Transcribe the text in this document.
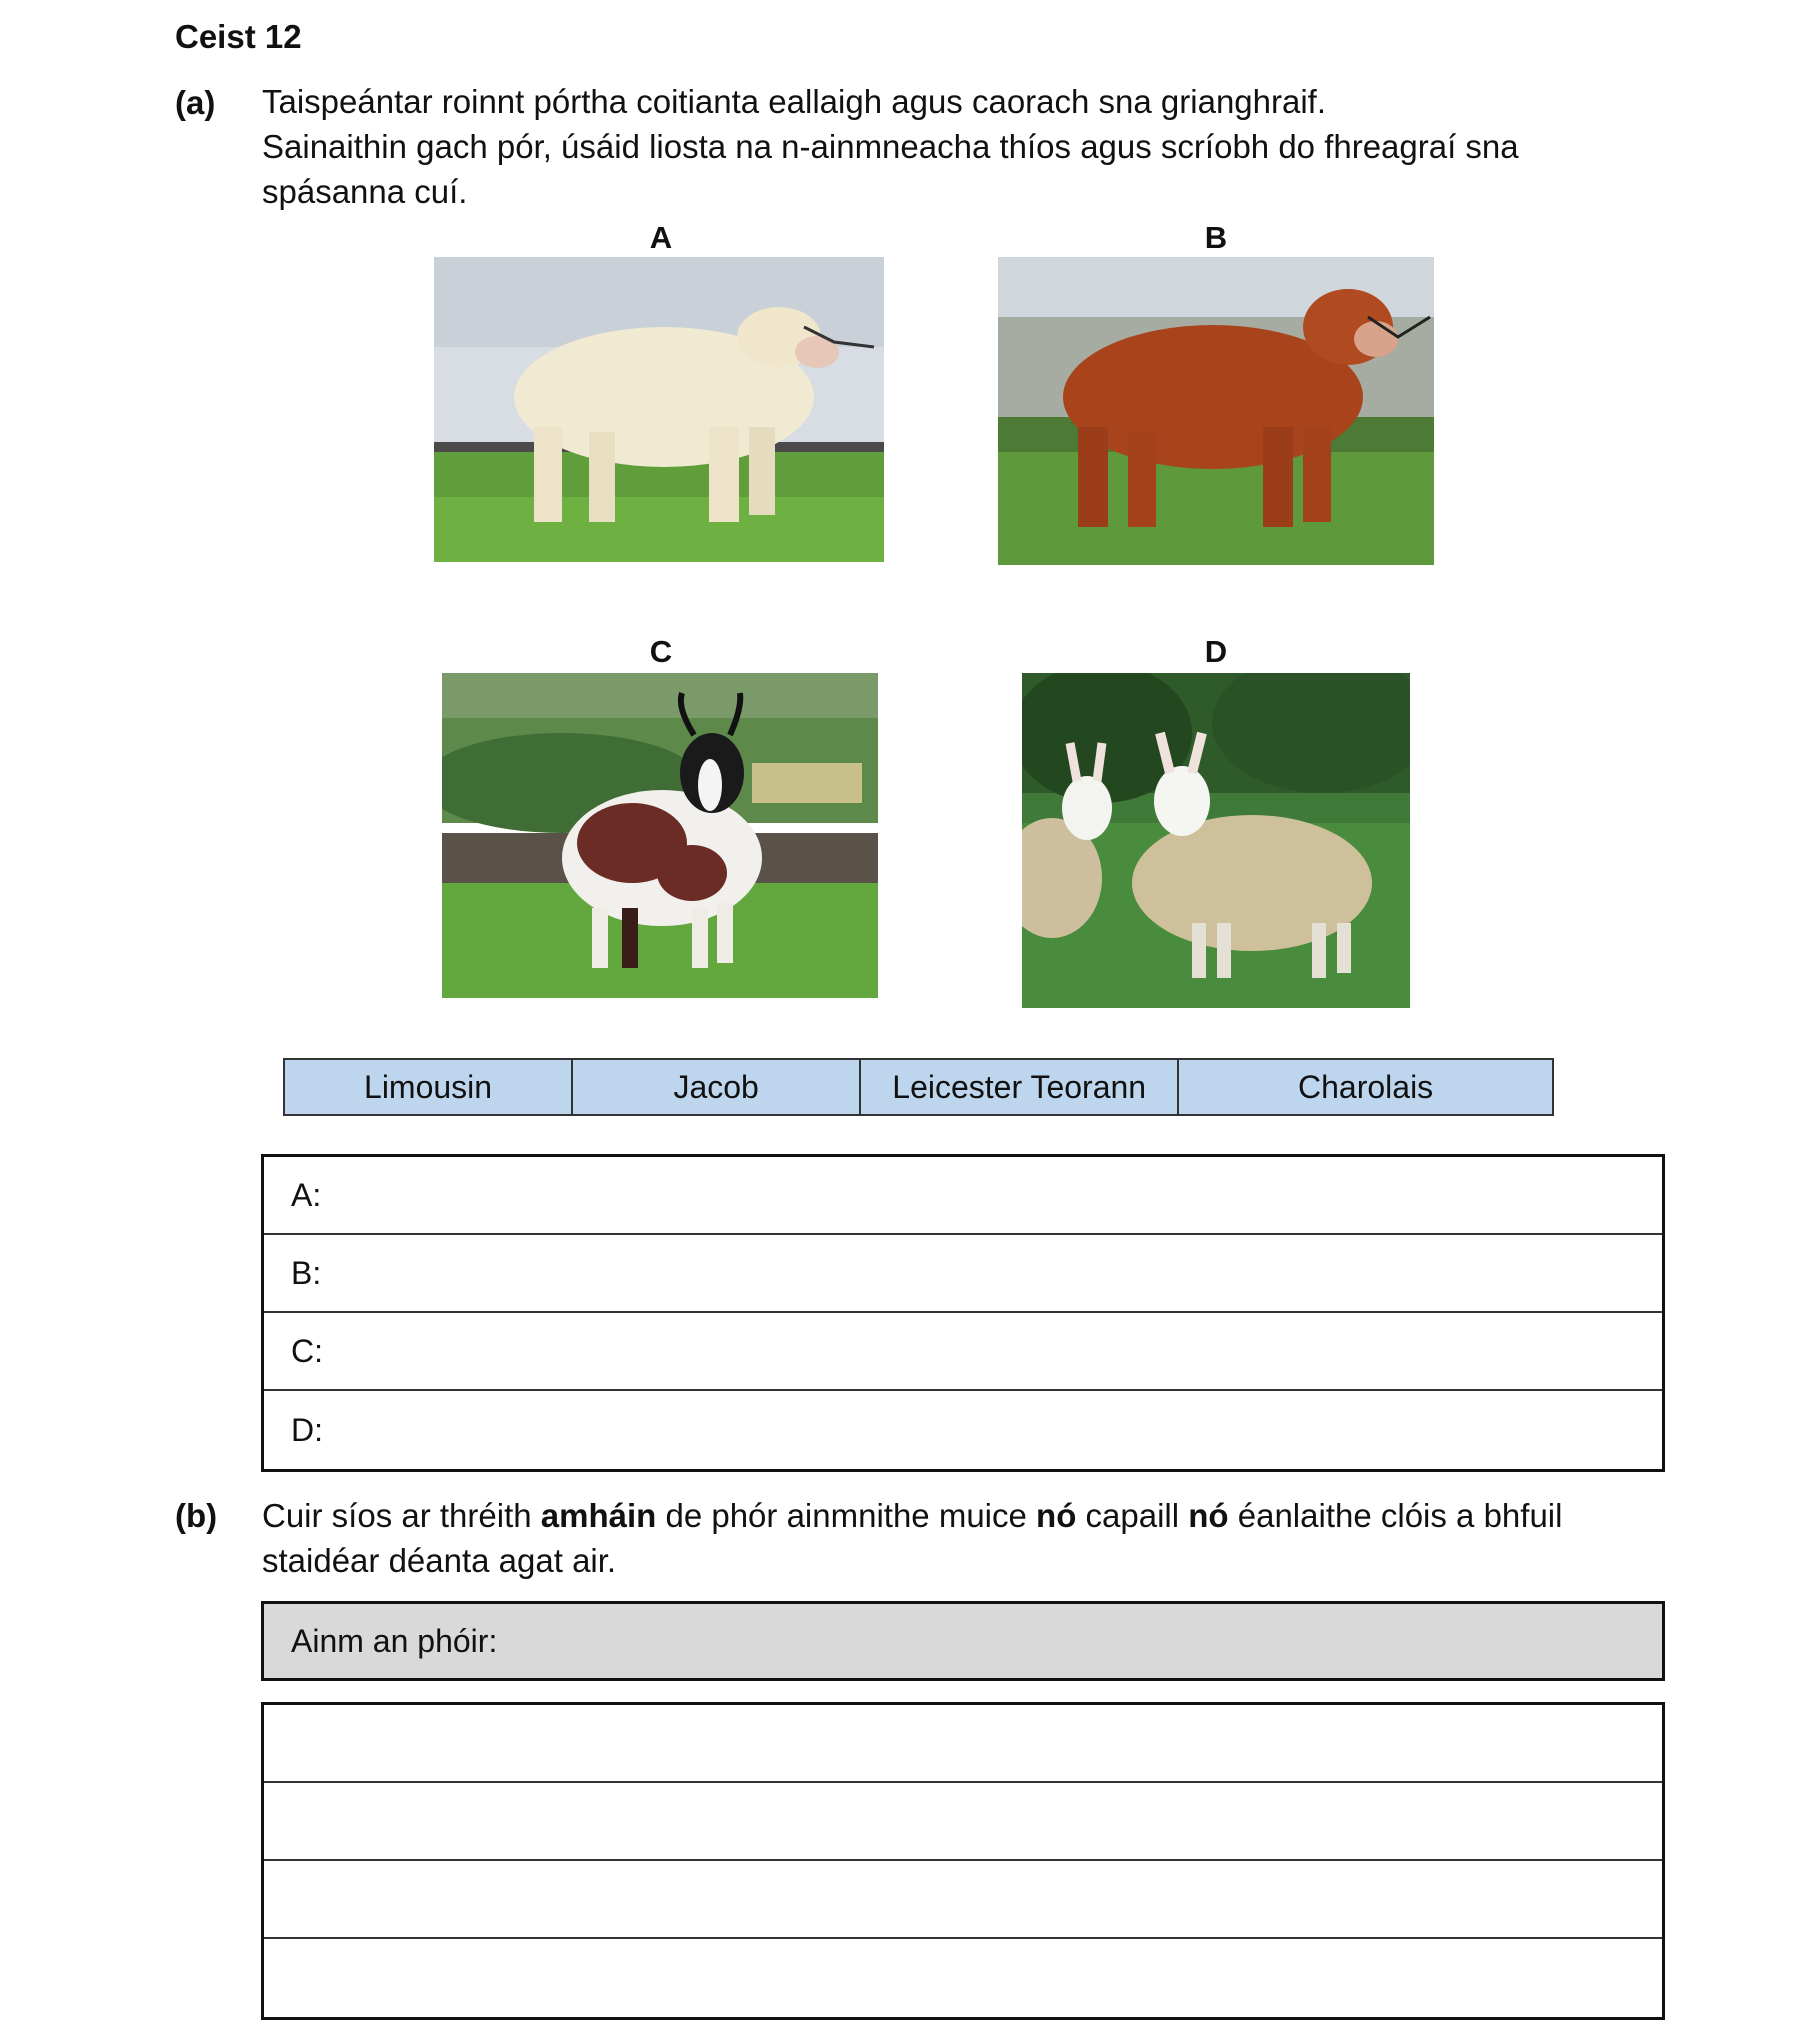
Ceist 12
(a) Taispeántar roinnt pórtha coitianta eallaigh agus caorach sna grianghraif.
Sainaithin gach pór, úsáid liosta na n-ainmneacha thíos agus scríobh do fhreagraí sna
spásanna cuí.
A	B
C	D
Limousin	Jacob	Leicester Teorann	Charolais
A:
B:
C:
D:
(b) Cuir síos ar thréith amháin de phór ainmnithe muice nó capaill nó éanlaithe clóis a bhfuil
staidéar déanta agat air.
Ainm an phóir:
